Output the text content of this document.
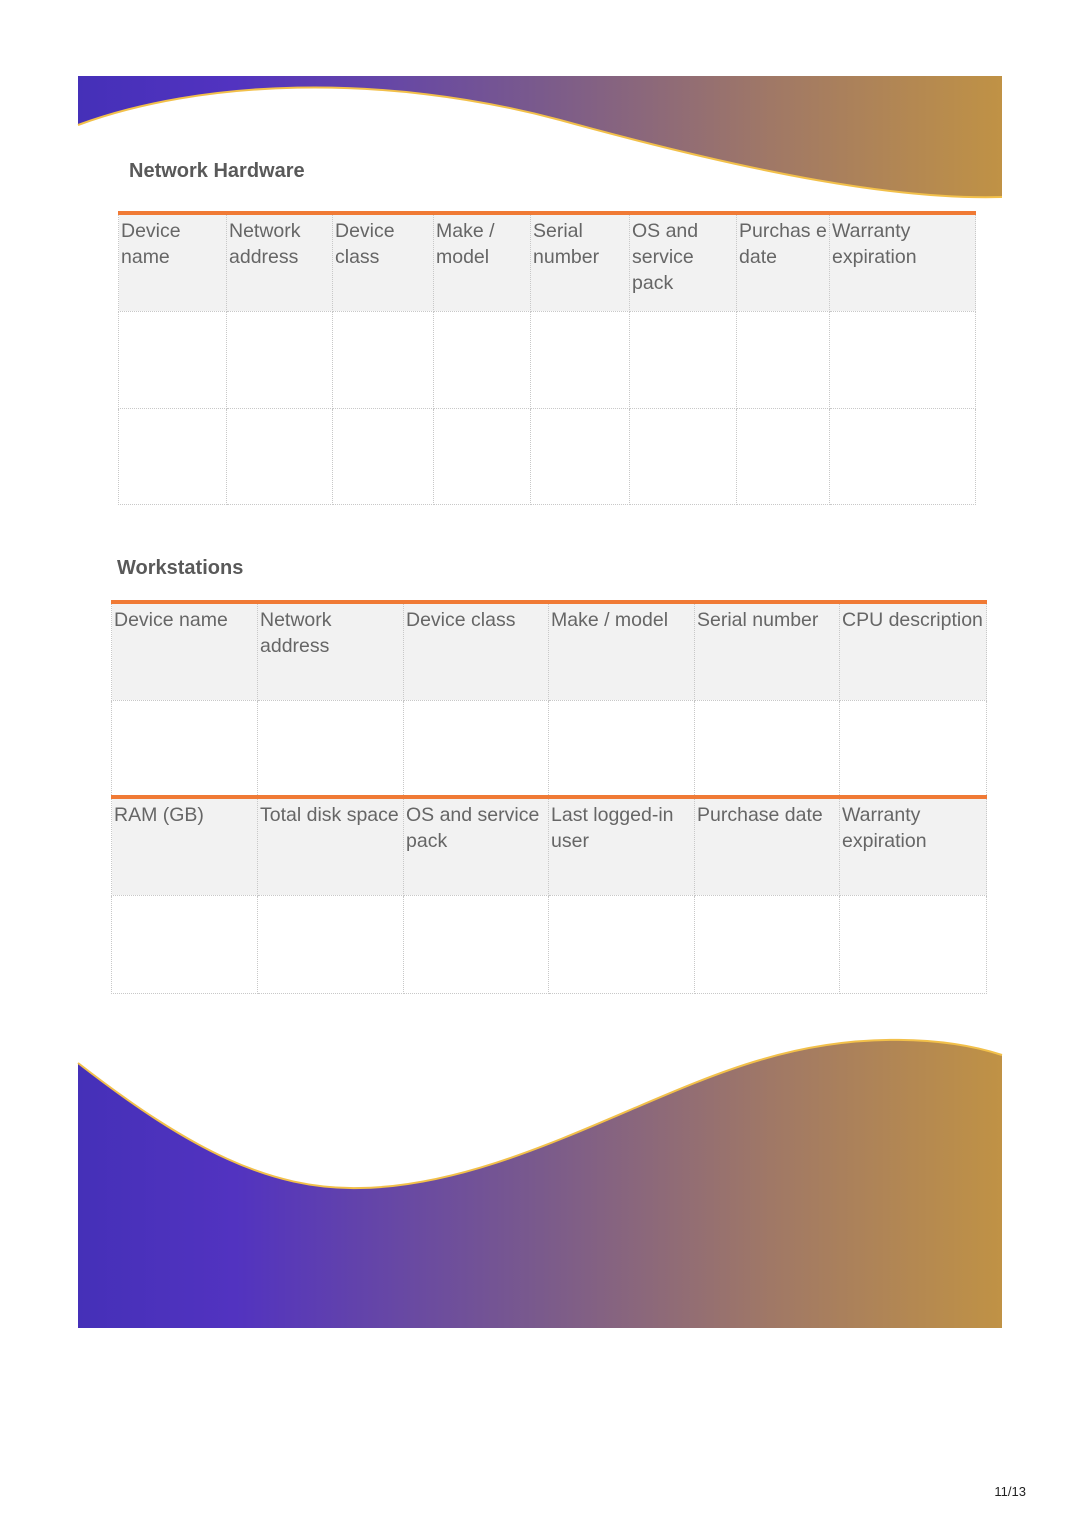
Network Hardware
Device name	Network address	Device class	Make / model	Serial number	OS and service pack	Purchas e date	Warranty expiration

Workstations
Device name	Network address	Device class	Make / model	Serial number	CPU description

RAM (GB)	Total disk space	OS and service pack	Last logged-in user	Purchase date	Warranty expiration

11/13
